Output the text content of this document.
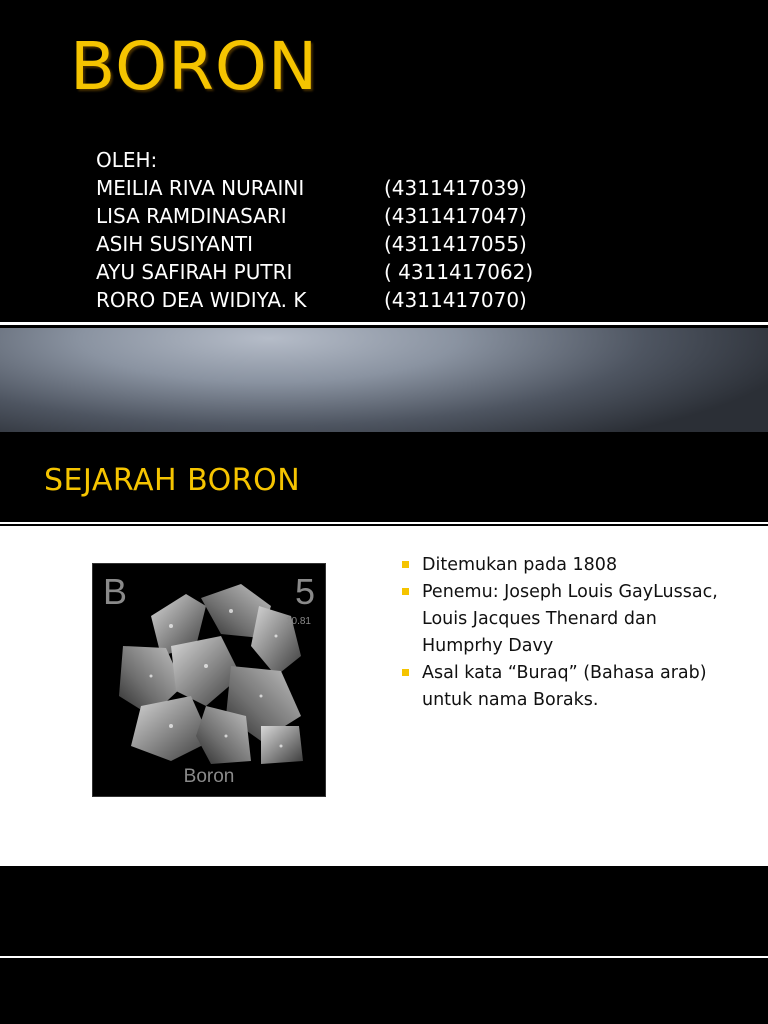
BORON
OLEH:
MEILIA RIVA NURAINI	(4311417039)
LISA RAMDINASARI	(4311417047)
ASIH SUSIYANTI	(4311417055)
AYU SAFIRAH PUTRI	( 4311417062)
RORO DEA WIDIYA. K	(4311417070)
SEJARAH BORON
B	5
10.81
Boron
Ditemukan pada 1808
Penemu: Joseph Louis GayLussac, Louis Jacques Thenard dan Humprhy Davy
Asal kata “Buraq” (Bahasa arab) untuk nama Boraks.
